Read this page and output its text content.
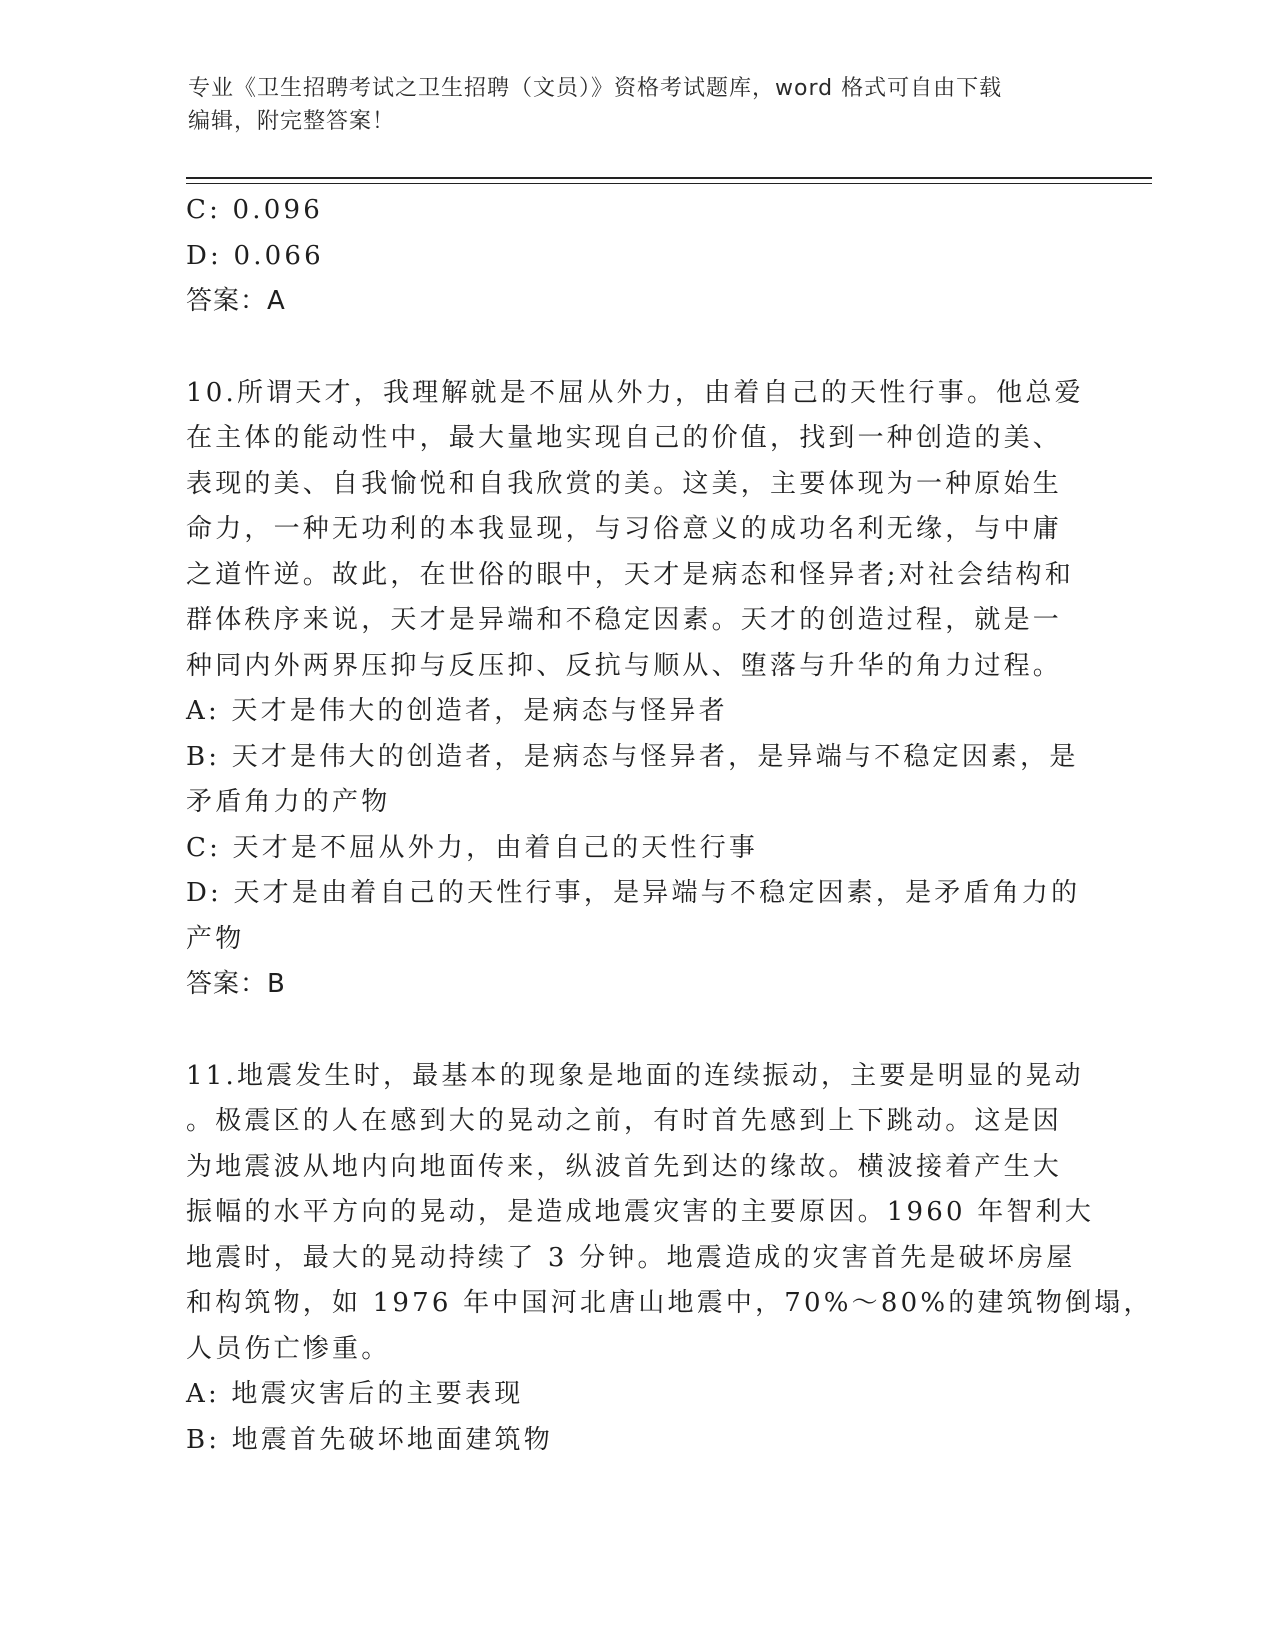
专业《卫生招聘考试之卫生招聘（文员）》资格考试题库，word 格式可自由下载
编辑，附完整答案！
C: 0.096
D: 0.066
答案：A
10.所谓天才，我理解就是不屈从外力，由着自己的天性行事。他总爱
在主体的能动性中，最大量地实现自己的价值，找到一种创造的美、
表现的美、自我愉悦和自我欣赏的美。这美，主要体现为一种原始生
命力，一种无功利的本我显现，与习俗意义的成功名利无缘，与中庸
之道忤逆。故此，在世俗的眼中，天才是病态和怪异者;对社会结构和
群体秩序来说，天才是异端和不稳定因素。天才的创造过程，就是一
种同内外两界压抑与反压抑、反抗与顺从、堕落与升华的角力过程。
A: 天才是伟大的创造者，是病态与怪异者
B: 天才是伟大的创造者，是病态与怪异者，是异端与不稳定因素，是
矛盾角力的产物
C: 天才是不屈从外力，由着自己的天性行事
D: 天才是由着自己的天性行事，是异端与不稳定因素，是矛盾角力的
产物
答案：B
11.地震发生时，最基本的现象是地面的连续振动，主要是明显的晃动
。极震区的人在感到大的晃动之前，有时首先感到上下跳动。这是因
为地震波从地内向地面传来，纵波首先到达的缘故。横波接着产生大
振幅的水平方向的晃动，是造成地震灾害的主要原因。1960 年智利大
地震时，最大的晃动持续了 3 分钟。地震造成的灾害首先是破坏房屋
和构筑物，如 1976 年中国河北唐山地震中，70%～80%的建筑物倒塌，
人员伤亡惨重。
A: 地震灾害后的主要表现
B: 地震首先破坏地面建筑物
